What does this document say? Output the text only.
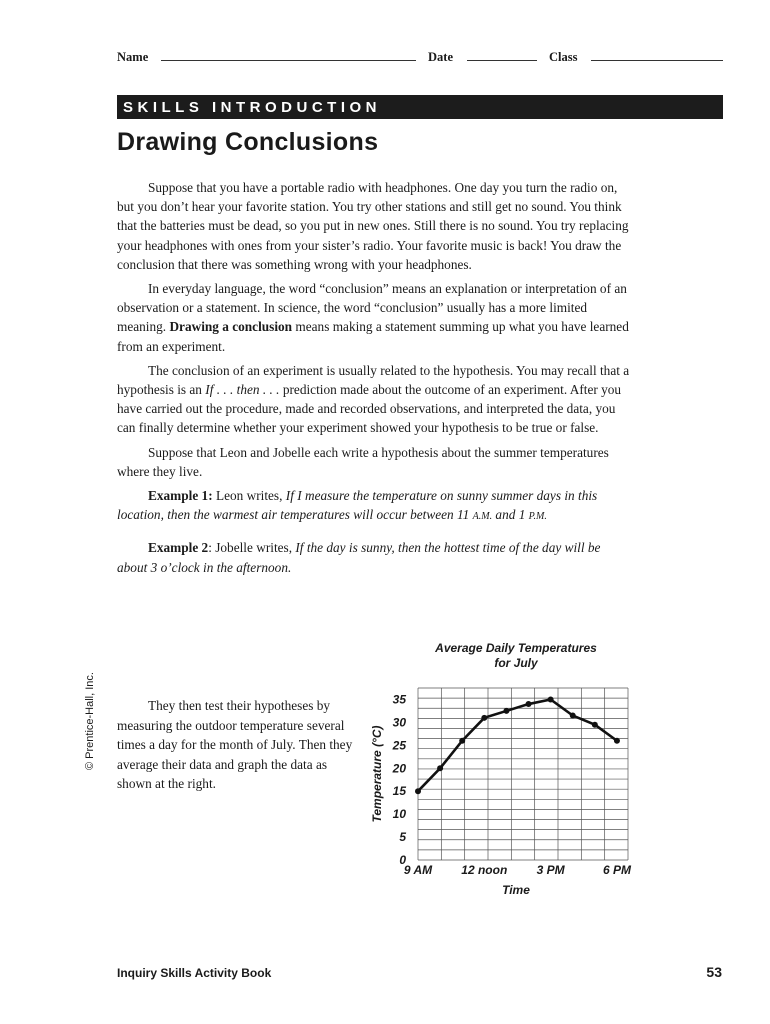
Name	Date	Class
SKILLS INTRODUCTION
Drawing Conclusions

Suppose that you have a portable radio with headphones. One day you turn the radio on, but you don’t hear your favorite station. You try other stations and still get no sound. You think that the batteries must be dead, so you put in new ones. Still there is no sound. You try replacing your headphones with ones from your sister’s radio. Your favorite music is back! You draw the conclusion that there was something wrong with your headphones.

In everyday language, the word “conclusion” means an explanation or interpretation of an observation or a statement. In science, the word “conclusion” usually has a more limited meaning. Drawing a conclusion means making a statement summing up what you have learned from an experiment.

The conclusion of an experiment is usually related to the hypothesis. You may recall that a hypothesis is an If . . . then . . . prediction made about the outcome of an experiment. After you have carried out the procedure, made and recorded observations, and interpreted the data, you can finally determine whether your experiment showed your hypothesis to be true or false.

Suppose that Leon and Jobelle each write a hypothesis about the summer temperatures where they live.

Example 1: Leon writes, If I measure the temperature on sunny summer days in this location, then the warmest air temperatures will occur between 11 A.M. and 1 P.M.

Example 2: Jobelle writes, If the day is sunny, then the hottest time of the day will be about 3 o’clock in the afternoon.

They then test their hypotheses by measuring the outdoor temperature several times a day for the month of July. Then they average their data and graph the data as shown at the right.

© Prentice-Hall, Inc.
Average Daily Temperatures
for July
0
5
10
15
20
25
30
35
Temperature (°C)
9 AM 12 noon 3 PM	6 PM
Time
Inquiry Skills Activity Book	53
